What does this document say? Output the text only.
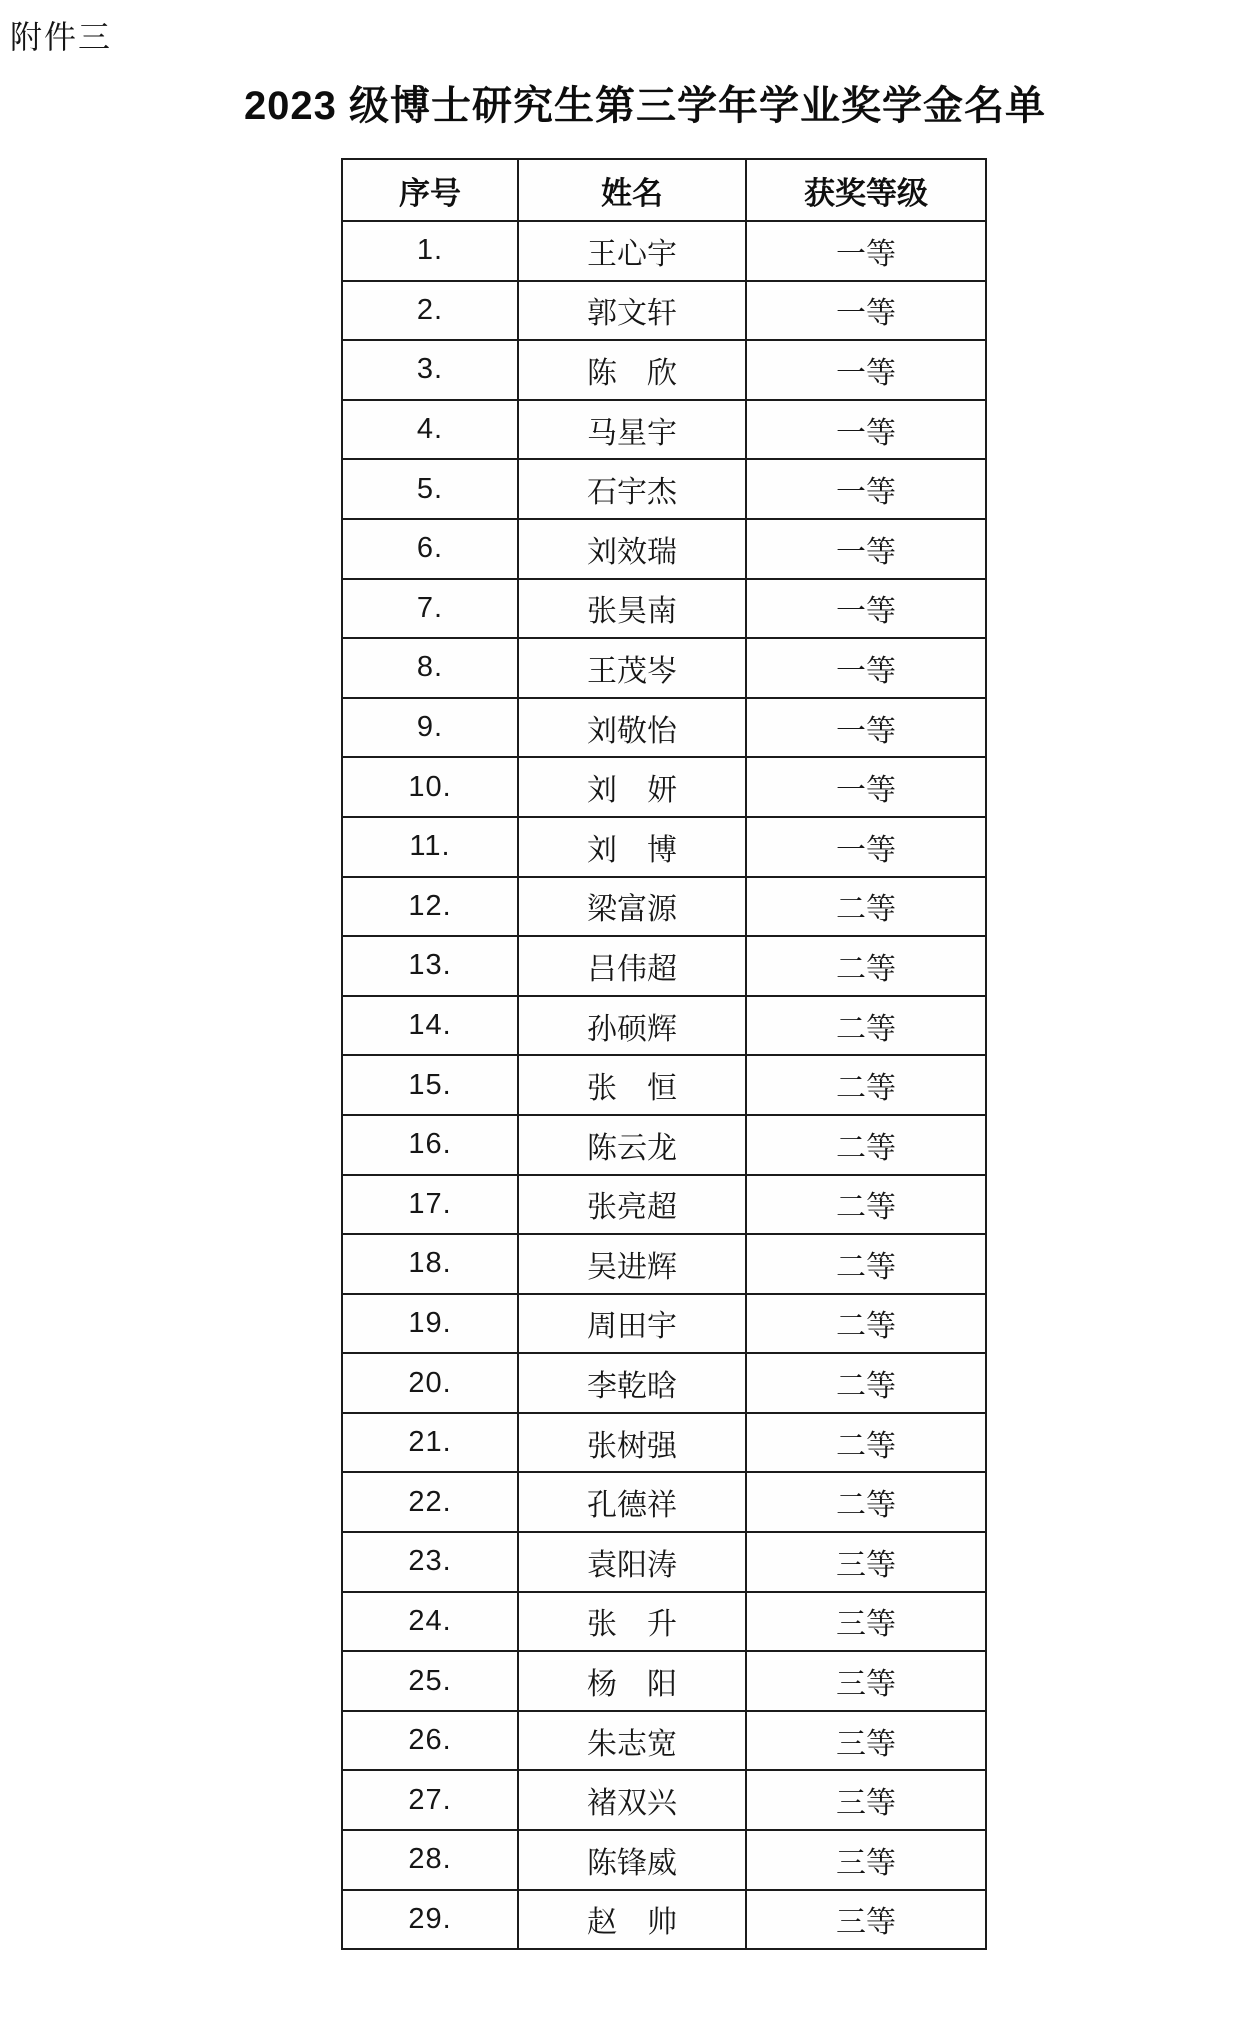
附件三
2023 级博士研究生第三学年学业奖学金名单
序号	姓名	获奖等级
1.	王心宇	一等
2.	郭文轩	一等
3.	陈　欣	一等
4.	马星宇	一等
5.	石宇杰	一等
6.	刘效瑞	一等
7.	张昊南	一等
8.	王茂岑	一等
9.	刘敬怡	一等
10.	刘　妍	一等
11.	刘　博	一等
12.	梁富源	二等
13.	吕伟超	二等
14.	孙硕辉	二等
15.	张　恒	二等
16.	陈云龙	二等
17.	张亮超	二等
18.	吴进辉	二等
19.	周田宇	二等
20.	李乾晗	二等
21.	张树强	二等
22.	孔德祥	二等
23.	袁阳涛	三等
24.	张　升	三等
25.	杨　阳	三等
26.	朱志宽	三等
27.	褚双兴	三等
28.	陈锋威	三等
29.	赵　帅	三等
